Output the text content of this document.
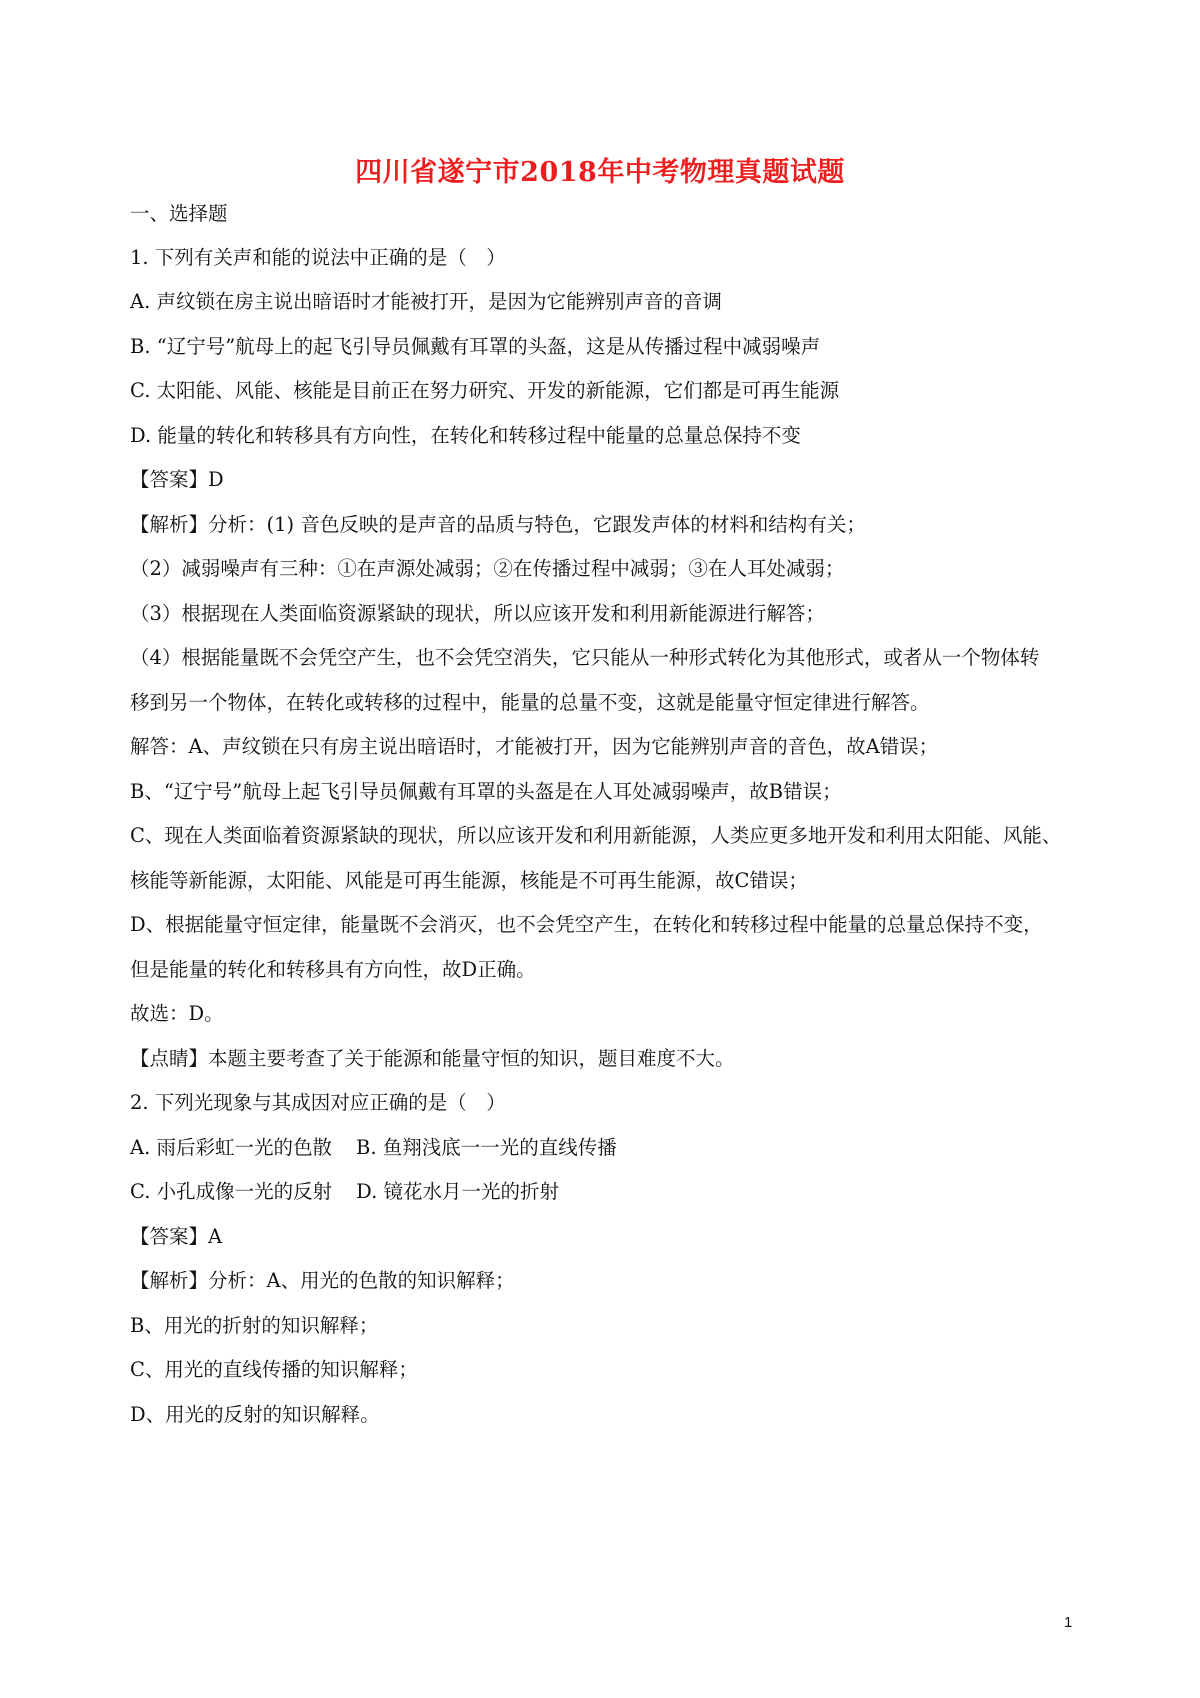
四川省遂宁市2018年中考物理真题试题
一、选择题
1. 下列有关声和能的说法中正确的是（　）
A. 声纹锁在房主说出暗语时才能被打开，是因为它能辨别声音的音调
B. “辽宁号”航母上的起飞引导员佩戴有耳罩的头盔，这是从传播过程中减弱噪声
C. 太阳能、风能、核能是目前正在努力研究、开发的新能源，它们都是可再生能源
D. 能量的转化和转移具有方向性，在转化和转移过程中能量的总量总保持不变
【答案】D
【解析】分析：(1) 音色反映的是声音的品质与特色，它跟发声体的材料和结构有关；
（2）减弱噪声有三种：①在声源处减弱；②在传播过程中减弱；③在人耳处减弱；
（3）根据现在人类面临资源紧缺的现状，所以应该开发和利用新能源进行解答；
（4）根据能量既不会凭空产生，也不会凭空消失，它只能从一种形式转化为其他形式，或者从一个物体转
移到另一个物体，在转化或转移的过程中，能量的总量不变，这就是能量守恒定律进行解答。
解答：A、声纹锁在只有房主说出暗语时，才能被打开，因为它能辨别声音的音色，故A错误；
B、“辽宁号”航母上起飞引导员佩戴有耳罩的头盔是在人耳处减弱噪声，故B错误；
C、现在人类面临着资源紧缺的现状，所以应该开发和利用新能源，人类应更多地开发和利用太阳能、风能、
核能等新能源，太阳能、风能是可再生能源，核能是不可再生能源，故C错误；
D、根据能量守恒定律，能量既不会消灭，也不会凭空产生，在转化和转移过程中能量的总量总保持不变，
但是能量的转化和转移具有方向性，故D正确。
故选：D。
【点睛】本题主要考查了关于能源和能量守恒的知识，题目难度不大。
2. 下列光现象与其成因对应正确的是（　）
A. 雨后彩虹一光的色散 B. 鱼翔浅底一一光的直线传播
C. 小孔成像一光的反射 D. 镜花水月一光的折射
【答案】A
【解析】分析：A、用光的色散的知识解释；
B、用光的折射的知识解释；
C、用光的直线传播的知识解释；
D、用光的反射的知识解释。
1
